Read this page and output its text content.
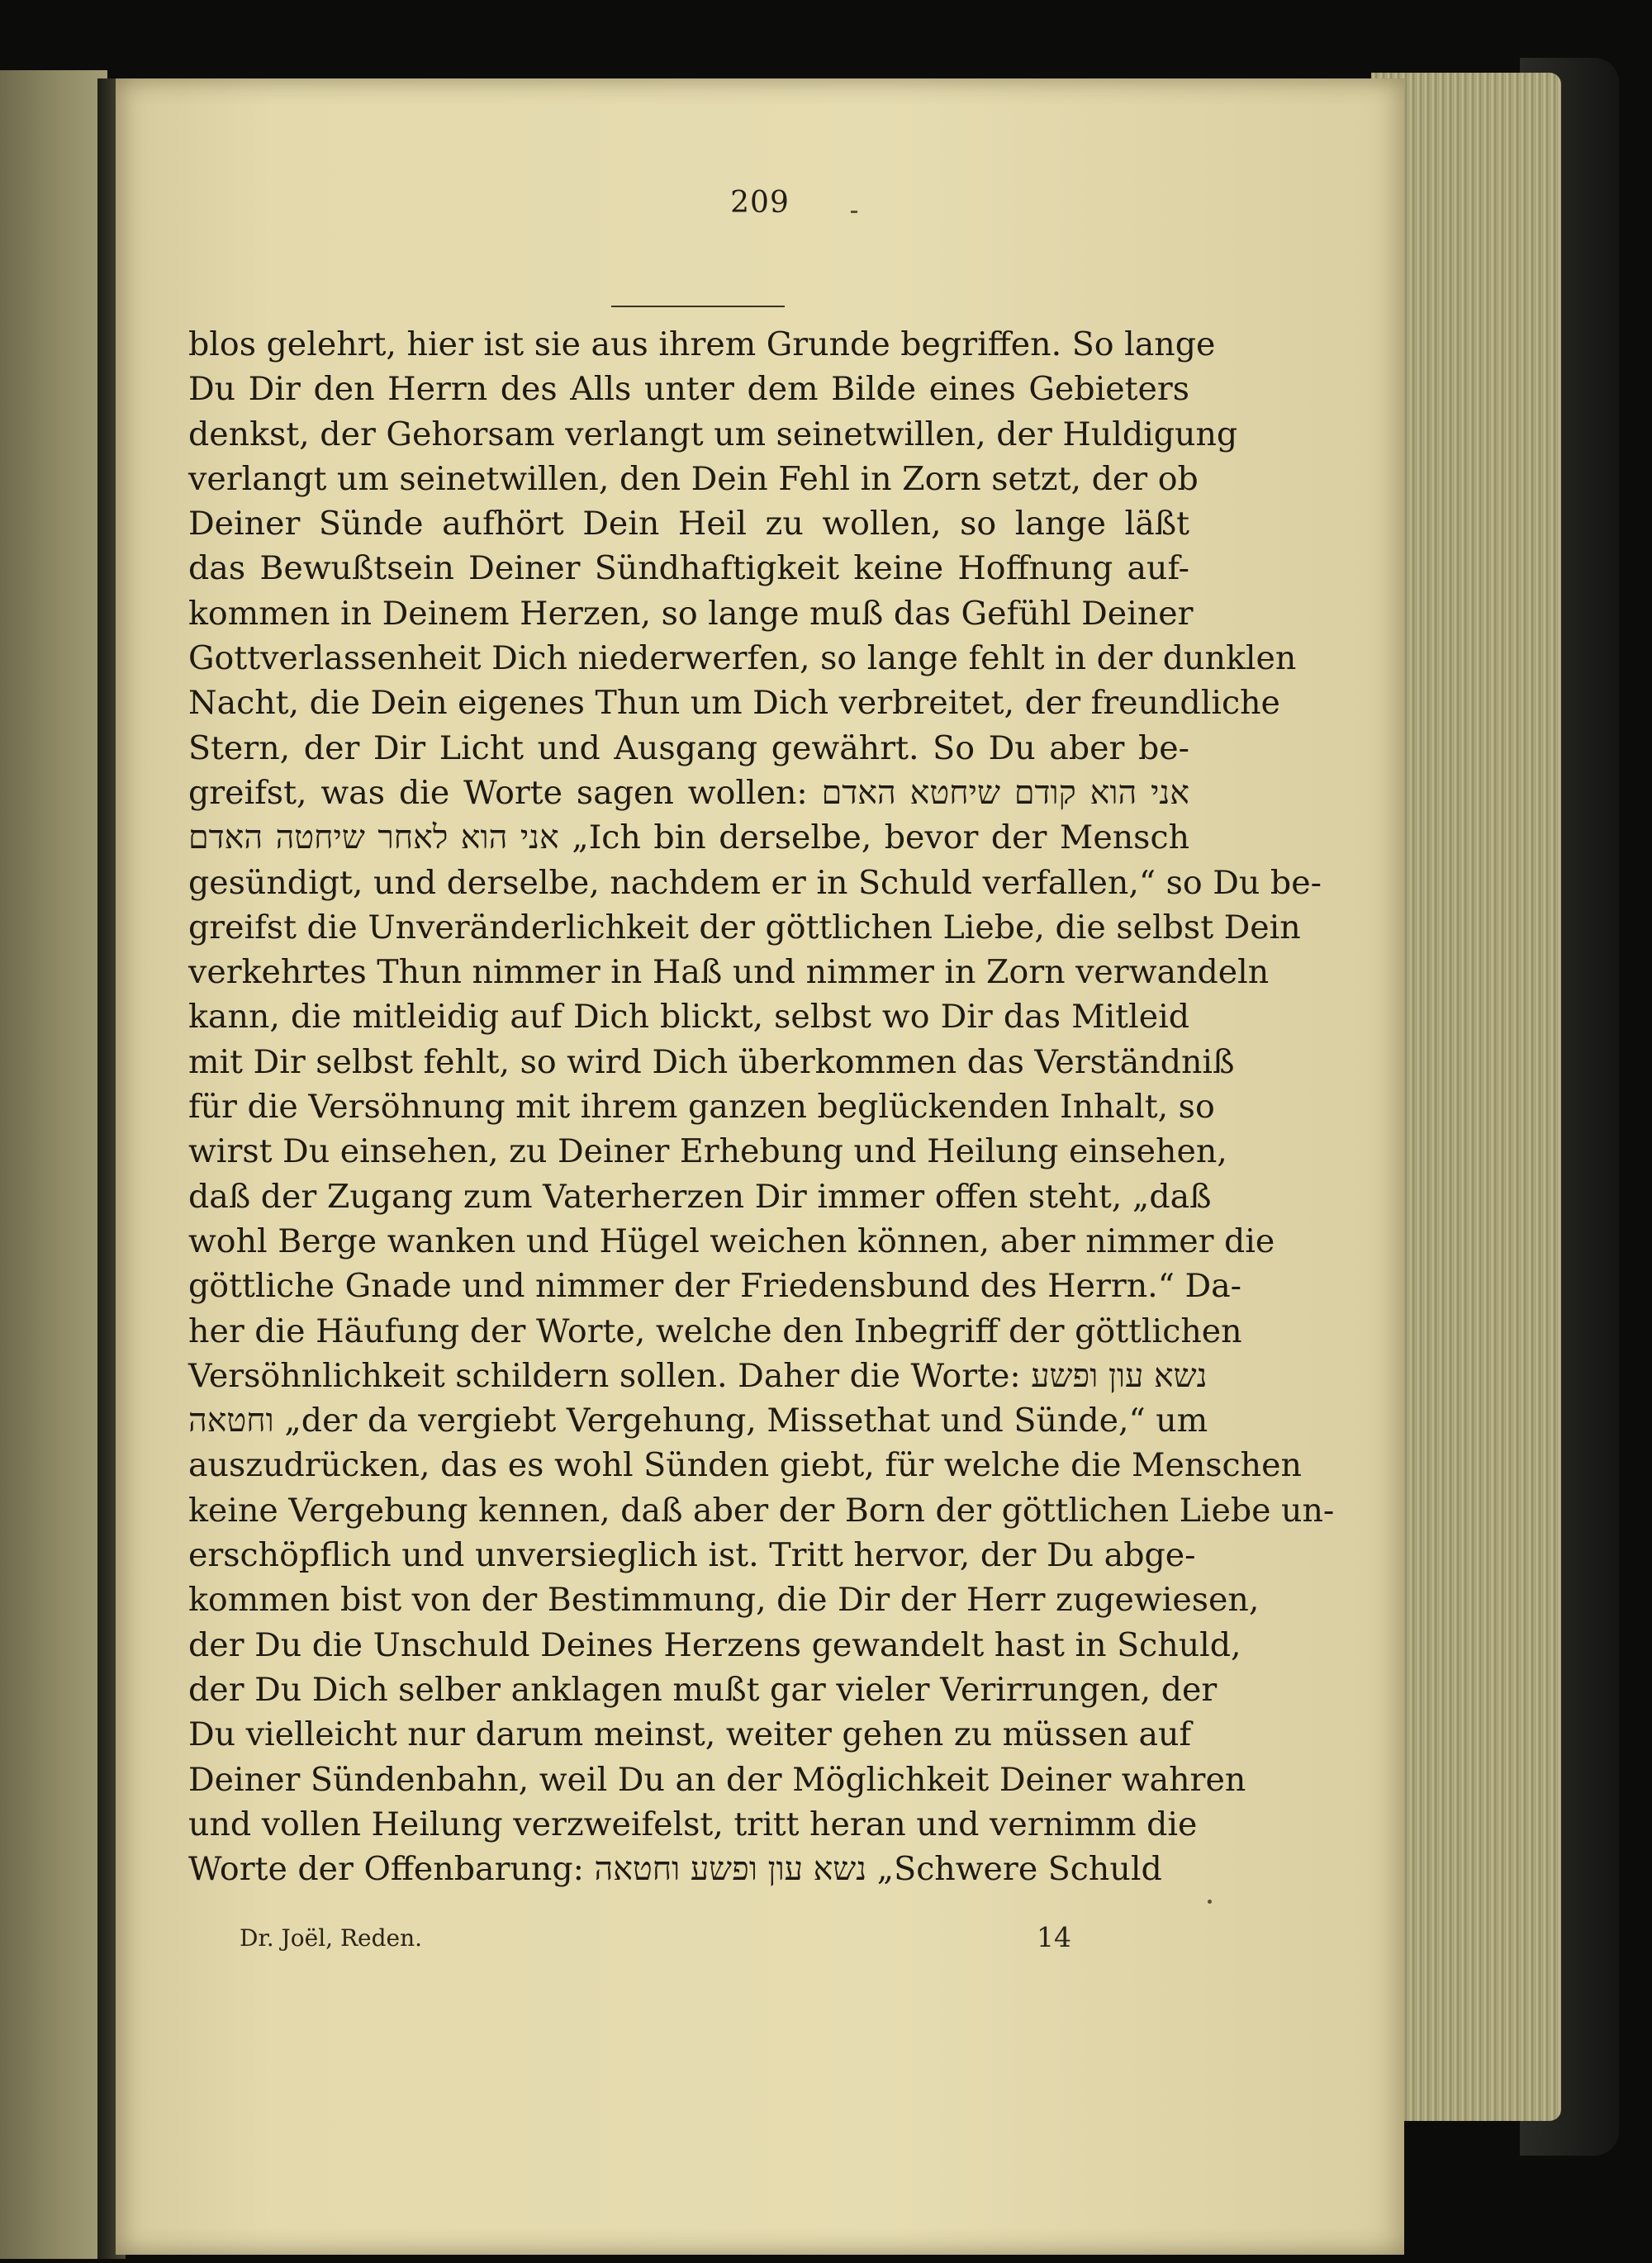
209
blos gelehrt, hier ist sie aus ihrem Grunde begriffen. So lange
Du Dir den Herrn des Alls unter dem Bilde eines Gebieters
denkst, der Gehorsam verlangt um seinetwillen, der Huldigung
verlangt um seinetwillen, den Dein Fehl in Zorn setzt, der ob
Deiner Sünde aufhört Dein Heil zu wollen, so lange läßt
das Bewußtsein Deiner Sündhaftigkeit keine Hoffnung auf-
kommen in Deinem Herzen, so lange muß das Gefühl Deiner
Gottverlassenheit Dich niederwerfen, so lange fehlt in der dunklen
Nacht, die Dein eigenes Thun um Dich verbreitet, der freundliche
Stern, der Dir Licht und Ausgang gewährt. So Du aber be-
greifst, was die Worte sagen wollen: אני הוא קודם שיחטא האדם
אני הוא לאחר שיחטה האדם „Ich bin derselbe, bevor der Mensch
gesündigt, und derselbe, nachdem er in Schuld verfallen,“ so Du be-
greifst die Unveränderlichkeit der göttlichen Liebe, die selbst Dein
verkehrtes Thun nimmer in Haß und nimmer in Zorn verwandeln
kann, die mitleidig auf Dich blickt, selbst wo Dir das Mitleid
mit Dir selbst fehlt, so wird Dich überkommen das Verständniß
für die Versöhnung mit ihrem ganzen beglückenden Inhalt, so
wirst Du einsehen, zu Deiner Erhebung und Heilung einsehen,
daß der Zugang zum Vaterherzen Dir immer offen steht, „daß
wohl Berge wanken und Hügel weichen können, aber nimmer die
göttliche Gnade und nimmer der Friedensbund des Herrn.“ Da-
her die Häufung der Worte, welche den Inbegriff der göttlichen
Versöhnlichkeit schildern sollen. Daher die Worte: נשא עון ופשע
וחטאה „der da vergiebt Vergehung, Missethat und Sünde,“ um
auszudrücken, das es wohl Sünden giebt, für welche die Menschen
keine Vergebung kennen, daß aber der Born der göttlichen Liebe un-
erschöpflich und unversieglich ist. Tritt hervor, der Du abge-
kommen bist von der Bestimmung, die Dir der Herr zugewiesen,
der Du die Unschuld Deines Herzens gewandelt hast in Schuld,
der Du Dich selber anklagen mußt gar vieler Verirrungen, der
Du vielleicht nur darum meinst, weiter gehen zu müssen auf
Deiner Sündenbahn, weil Du an der Möglichkeit Deiner wahren
und vollen Heilung verzweifelst, tritt heran und vernimm die
Worte der Offenbarung: נשא עון ופשע וחטאה „Schwere Schuld
Dr. Joël, Reden.	14
